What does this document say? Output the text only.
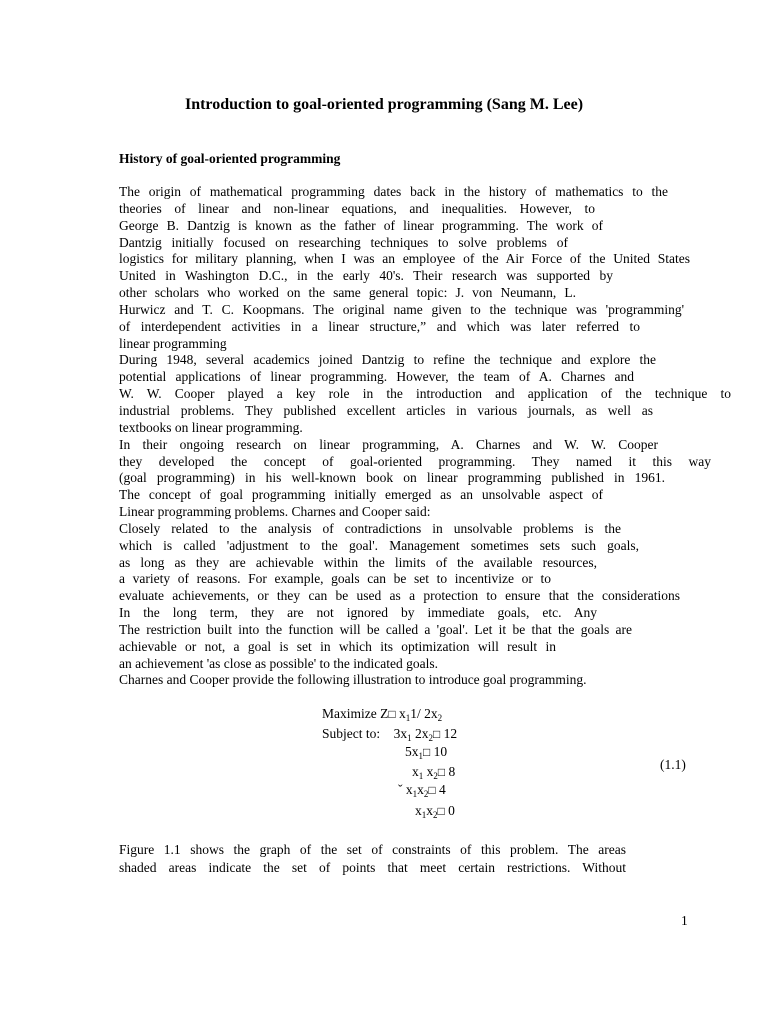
Introduction to goal-oriented programming (Sang M. Lee)
History of goal-oriented programming
The origin of mathematical programming dates back in the history of mathematics to the
theories of linear and non-linear equations, and inequalities. However, to
George B. Dantzig is known as the father of linear programming. The work of
Dantzig initially focused on researching techniques to solve problems of
logistics for military planning, when I was an employee of the Air Force of the United States
United in Washington D.C., in the early 40's. Their research was supported by
other scholars who worked on the same general topic: J. von Neumann, L.
Hurwicz and T. C. Koopmans. The original name given to the technique was 'programming'
of interdependent activities in a linear structure,” and which was later referred to
linear programming
During 1948, several academics joined Dantzig to refine the technique and explore the
potential applications of linear programming. However, the team of A. Charnes and
W. W. Cooper played a key role in the introduction and application of the technique to
industrial problems. They published excellent articles in various journals, as well as
textbooks on linear programming.
In their ongoing research on linear programming, A. Charnes and W. W. Cooper
they developed the concept of goal-oriented programming. They named it this way
(goal programming) in his well-known book on linear programming published in 1961.
The concept of goal programming initially emerged as an unsolvable aspect of
Linear programming problems. Charnes and Cooper said:
Closely related to the analysis of contradictions in unsolvable problems is the
which is called 'adjustment to the goal'. Management sometimes sets such goals,
as long as they are achievable within the limits of the available resources,
a variety of reasons. For example, goals can be set to incentivize or to
evaluate achievements, or they can be used as a protection to ensure that the considerations
In the long term, they are not ignored by immediate goals, etc. Any
The restriction built into the function will be called a 'goal'. Let it be that the goals are
achievable or not, a goal is set in which its optimization will result in
an achievement 'as close as possible' to the indicated goals.
Charnes and Cooper provide the following illustration to introduce goal programming.
Maximize Z□ $x_11/$ $2x_2$
Subject to: $3x_1$ $2x_2□$ 12
$5x_1□$ 10
$x_1$ $x_2□$ 8
ˇ $x_1x_2□$ 4
$x_1x_2□$ 0
(1.1)
Figure 1.1 shows the graph of the set of constraints of this problem. The areas
shaded areas indicate the set of points that meet certain restrictions. Without
1
